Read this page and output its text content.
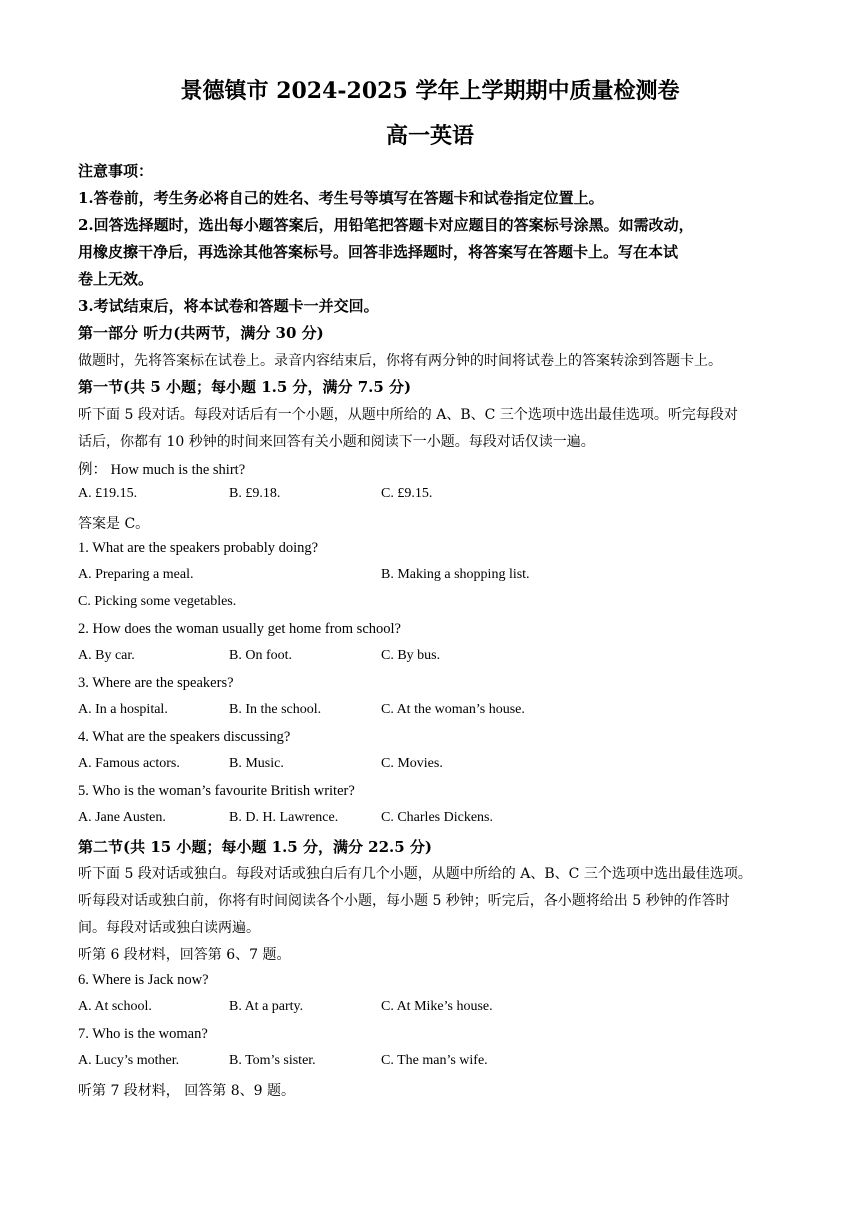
景德镇市 2024-2025 学年上学期期中质量检测卷
高一英语
注意事项：
1.答卷前，考生务必将自己的姓名、考生号等填写在答题卡和试卷指定位置上。
2.回答选择题时，选出每小题答案后，用铅笔把答题卡对应题目的答案标号涂黑。如需改动，
用橡皮擦干净后，再选涂其他答案标号。回答非选择题时，将答案写在答题卡上。写在本试
卷上无效。
3.考试结束后，将本试卷和答题卡一并交回。
第一部分 听力(共两节，满分 30 分)
做题时，先将答案标在试卷上。录音内容结束后，你将有两分钟的时间将试卷上的答案转涂到答题卡上。
第一节(共 5 小题；每小题 1.5 分，满分 7.5 分)
听下面 5 段对话。每段对话后有一个小题，从题中所给的 A、B、C 三个选项中选出最佳选项。听完每段对
话后，你都有 10 秒钟的时间来回答有关小题和阅读下一小题。每段对话仅读一遍。
例： How much is the shirt?
A. £19.15.	B. £9.18.	C. £9.15.
答案是 C。
1. What are the speakers probably doing?
A. Preparing a meal.	B. Making a shopping list.
C. Picking some vegetables.
2. How does the woman usually get home from school?
A. By car.	B. On foot.	C. By bus.
3. Where are the speakers?
A. In a hospital.	B. In the school.	C. At the woman’s house.
4. What are the speakers discussing?
A. Famous actors.	B. Music.	C. Movies.
5. Who is the woman’s favourite British writer?
A. Jane Austen.	B. D. H. Lawrence.	C. Charles Dickens.
第二节(共 15 小题；每小题 1.5 分，满分 22.5 分)
听下面 5 段对话或独白。每段对话或独白后有几个小题，从题中所给的 A、B、C 三个选项中选出最佳选项。
听每段对话或独白前，你将有时间阅读各个小题，每小题 5 秒钟；听完后，各小题将给出 5 秒钟的作答时
间。每段对话或独白读两遍。
听第 6 段材料，回答第 6、7 题。
6. Where is Jack now?
A. At school.	B. At a party.	C. At Mike’s house.
7. Who is the woman?
A. Lucy’s mother.	B. Tom’s sister.	C. The man’s wife.
听第 7 段材料， 回答第 8、9 题。
